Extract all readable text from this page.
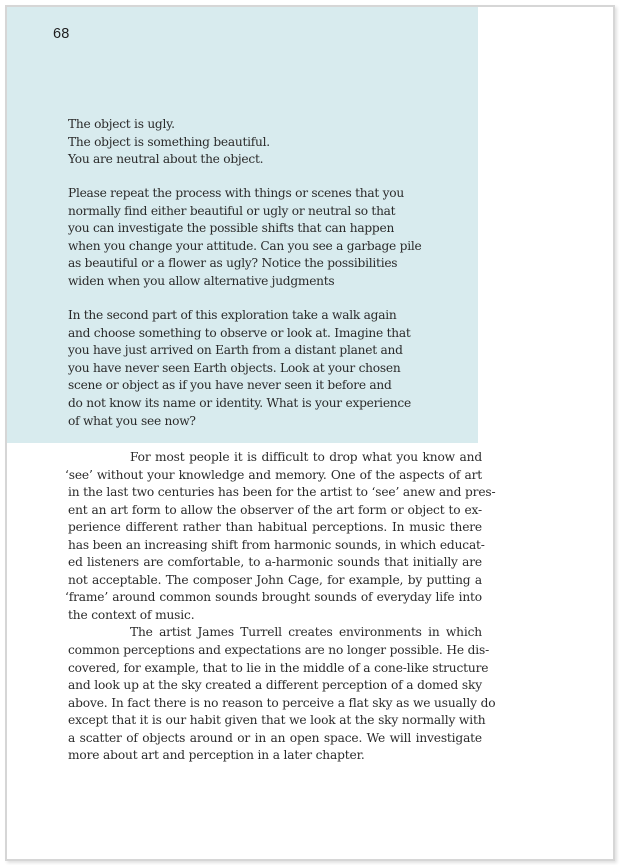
68
The object is ugly.
The object is something beautiful.
You are neutral about the object.
Please repeat the process with things or scenes that you
normally find either beautiful or ugly or neutral so that
you can investigate the possible shifts that can happen
when you change your attitude. Can you see a garbage pile
as beautiful or a flower as ugly? Notice the possibilities
widen when you allow alternative judgments
In the second part of this exploration take a walk again
and choose something to observe or look at. Imagine that
you have just arrived on Earth from a distant planet and
you have never seen Earth objects. Look at your chosen
scene or object as if you have never seen it before and
do not know its name or identity. What is your experience
of what you see now?
For most people it is difficult to drop what you know and
‘see’ without your knowledge and memory. One of the aspects of art
in the last two centuries has been for the artist to ‘see’ anew and pres-
ent an art form to allow the observer of the art form or object to ex-
perience different rather than habitual perceptions. In music there
has been an increasing shift from harmonic sounds, in which educat-
ed listeners are comfortable, to a-harmonic sounds that initially are
not acceptable. The composer John Cage, for example, by putting a
‘frame’ around common sounds brought sounds of everyday life into
the context of music.
The artist James Turrell creates environments in which
common perceptions and expectations are no longer possible. He dis-
covered, for example, that to lie in the middle of a cone-like structure
and look up at the sky created a different perception of a domed sky
above. In fact there is no reason to perceive a flat sky as we usually do
except that it is our habit given that we look at the sky normally with
a scatter of objects around or in an open space. We will investigate
more about art and perception in a later chapter.
